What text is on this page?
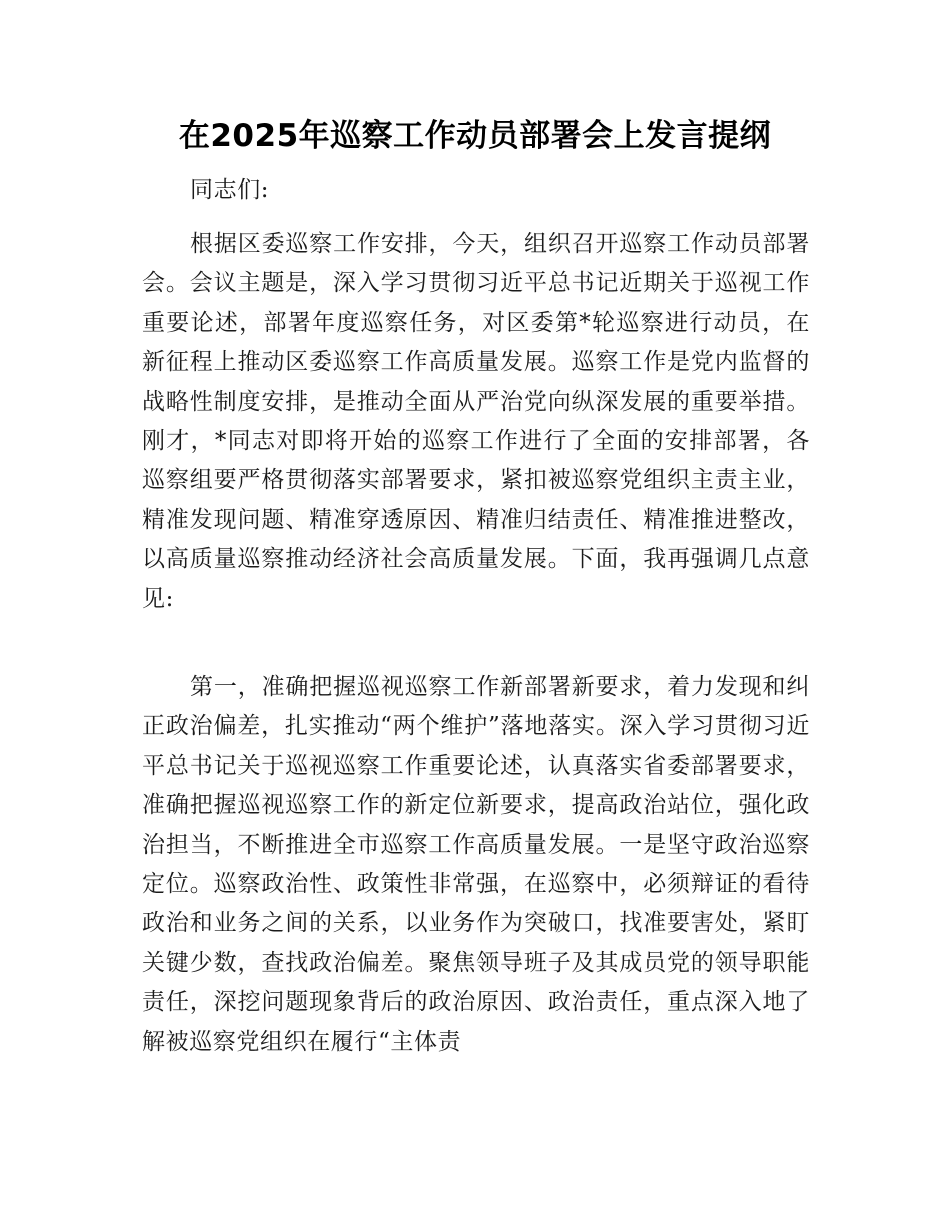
在2025年巡察工作动员部署会上发言提纲

同志们:

根据区委巡察工作安排，今天，组织召开巡察工作动员部署会。会议主题是，深入学习贯彻习近平总书记近期关于巡视工作重要论述，部署年度巡察任务，对区委第*轮巡察进行动员，在新征程上推动区委巡察工作高质量发展。巡察工作是党内监督的战略性制度安排，是推动全面从严治党向纵深发展的重要举措。刚才，*同志对即将开始的巡察工作进行了全面的安排部署，各巡察组要严格贯彻落实部署要求，紧扣被巡察党组织主责主业，精准发现问题、精准穿透原因、精准归结责任、精准推进整改，以高质量巡察推动经济社会高质量发展。下面，我再强调几点意见:

第一，准确把握巡视巡察工作新部署新要求，着力发现和纠正政治偏差，扎实推动“两个维护”落地落实。深入学习贯彻习近平总书记关于巡视巡察工作重要论述，认真落实省委部署要求，准确把握巡视巡察工作的新定位新要求，提高政治站位，强化政治担当，不断推进全市巡察工作高质量发展。一是坚守政治巡察定位。巡察政治性、政策性非常强，在巡察中，必须辩证的看待政治和业务之间的关系，以业务作为突破口，找准要害处，紧盯关键少数，查找政治偏差。聚焦领导班子及其成员党的领导职能责任，深挖问题现象背后的政治原因、政治责任，重点深入地了解被巡察党组织在履行“主体责
